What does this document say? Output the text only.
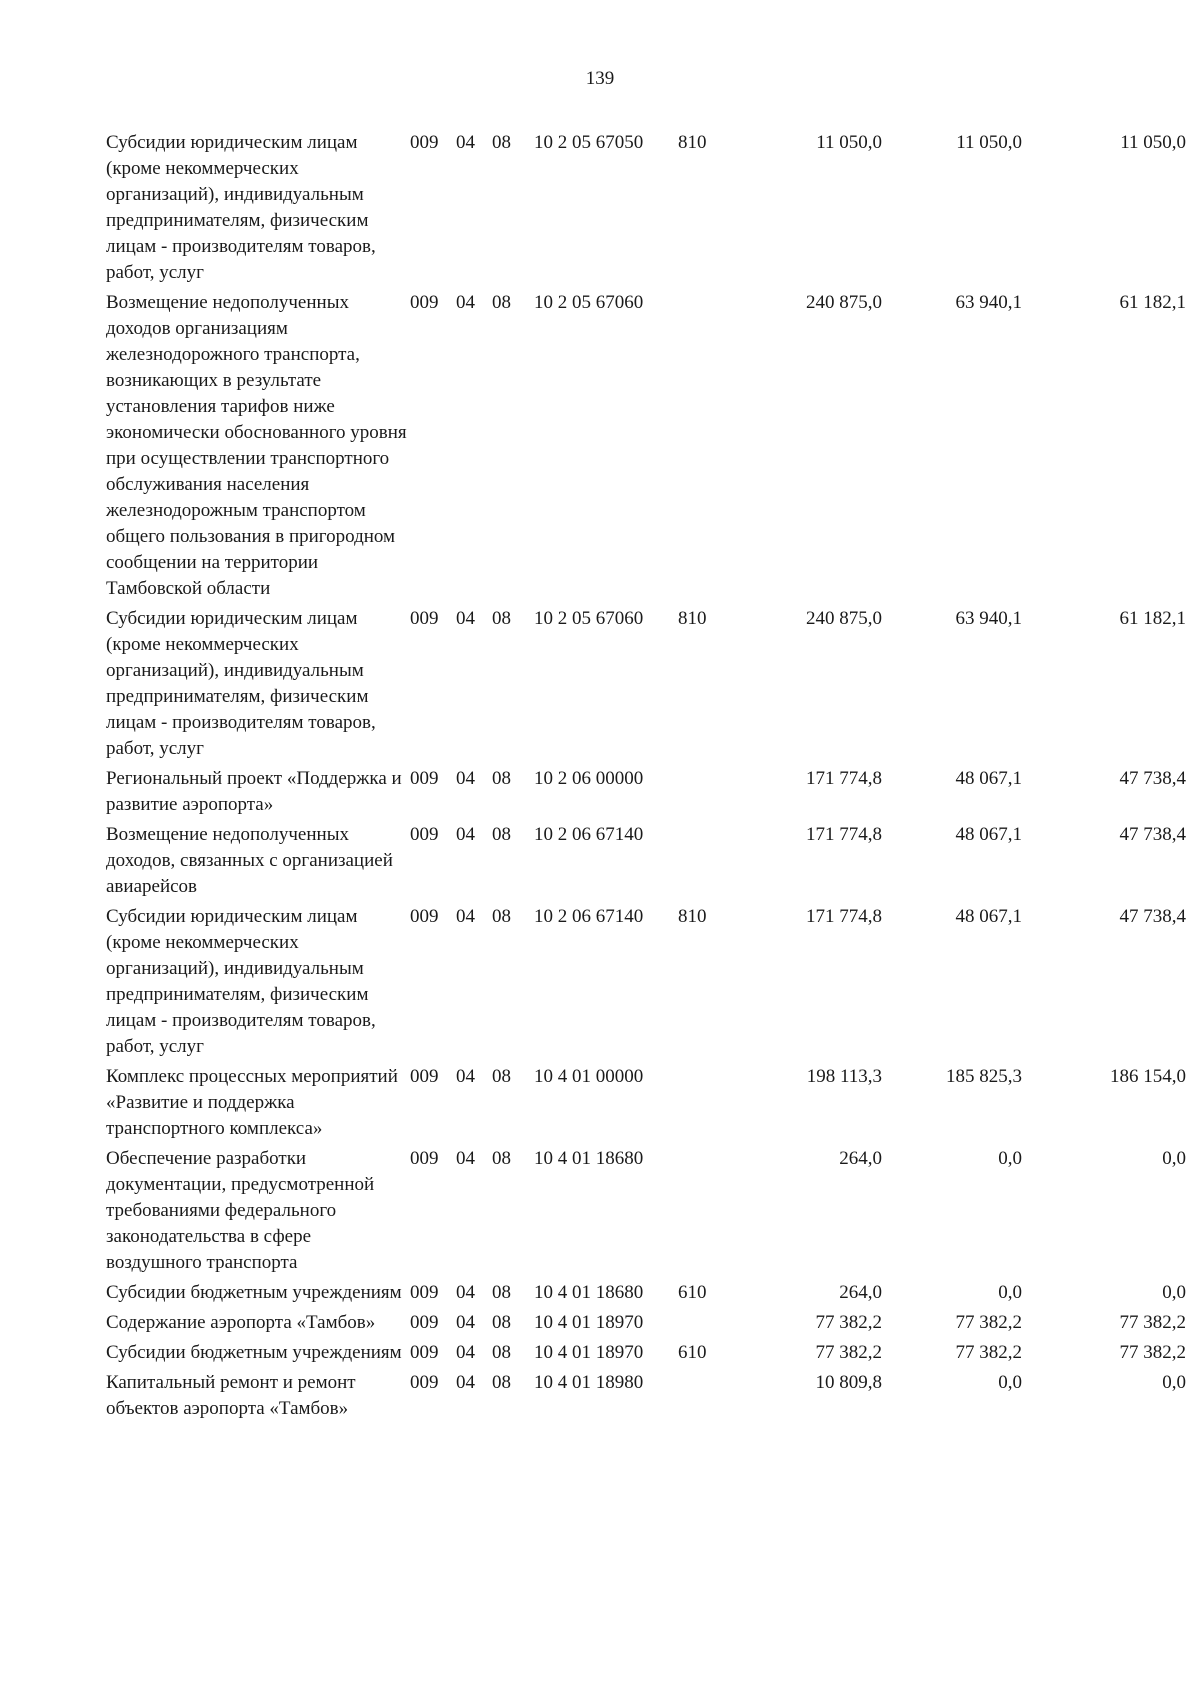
139
Субсидии юридическим лицам (кроме некоммерческих организаций), индивидуальным предпринимателям, физическим лицам - производителям товаров, работ, услуг	009	04	08	10 2 05 67050	810	11 050,0	11 050,0	11 050,0
Возмещение недополученных доходов организациям железнодорожного транспорта, возникающих в результате установления тарифов ниже экономически обоснованного уровня при осуществлении транспортного обслуживания населения железнодорожным транспортом общего пользования в пригородном сообщении на территории Тамбовской области	009	04	08	10 2 05 67060		240 875,0	63 940,1	61 182,1
Субсидии юридическим лицам (кроме некоммерческих организаций), индивидуальным предпринимателям, физическим лицам - производителям товаров, работ, услуг	009	04	08	10 2 05 67060	810	240 875,0	63 940,1	61 182,1
Региональный проект «Поддержка и развитие аэропорта»	009	04	08	10 2 06 00000		171 774,8	48 067,1	47 738,4
Возмещение недополученных доходов, связанных с организацией авиарейсов	009	04	08	10 2 06 67140		171 774,8	48 067,1	47 738,4
Субсидии юридическим лицам (кроме некоммерческих организаций), индивидуальным предпринимателям, физическим лицам - производителям товаров, работ, услуг	009	04	08	10 2 06 67140	810	171 774,8	48 067,1	47 738,4
Комплекс процессных мероприятий «Развитие и поддержка транспортного комплекса»	009	04	08	10 4 01 00000		198 113,3	185 825,3	186 154,0
Обеспечение разработки документации, предусмотренной требованиями федерального законодательства в сфере воздушного транспорта	009	04	08	10 4 01 18680		264,0	0,0	0,0
Субсидии бюджетным учреждениям	009	04	08	10 4 01 18680	610	264,0	0,0	0,0
Содержание аэропорта «Тамбов»	009	04	08	10 4 01 18970		77 382,2	77 382,2	77 382,2
Субсидии бюджетным учреждениям	009	04	08	10 4 01 18970	610	77 382,2	77 382,2	77 382,2
Капитальный ремонт и ремонт объектов аэропорта «Тамбов»	009	04	08	10 4 01 18980		10 809,8	0,0	0,0
